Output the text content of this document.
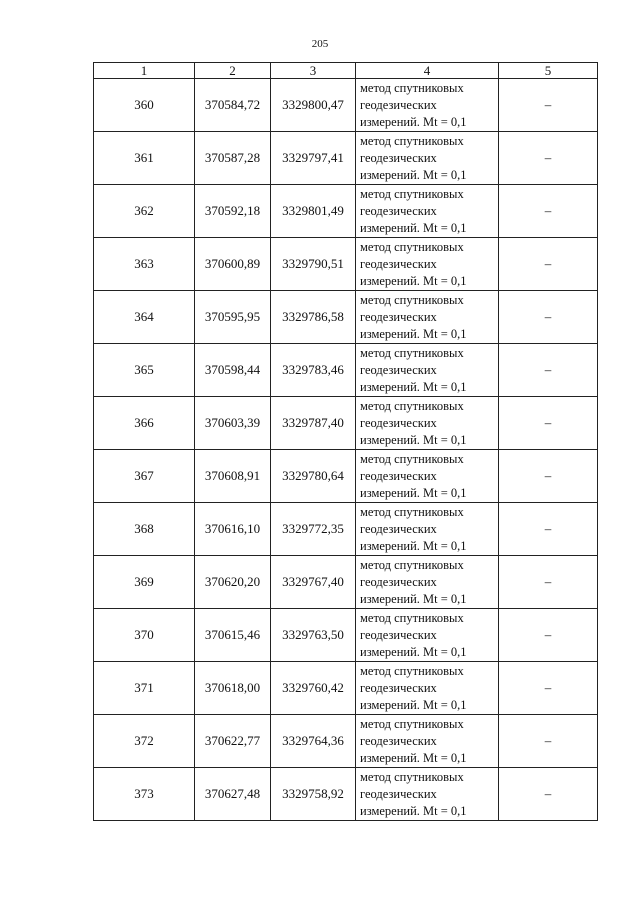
205
1	2	3	4	5
360	370584,72	3329800,47	метод спутниковых
геодезических
измерений. Mt = 0,1	–
361	370587,28	3329797,41	метод спутниковых
геодезических
измерений. Mt = 0,1	–
362	370592,18	3329801,49	метод спутниковых
геодезических
измерений. Mt = 0,1	–
363	370600,89	3329790,51	метод спутниковых
геодезических
измерений. Mt = 0,1	–
364	370595,95	3329786,58	метод спутниковых
геодезических
измерений. Mt = 0,1	–
365	370598,44	3329783,46	метод спутниковых
геодезических
измерений. Mt = 0,1	–
366	370603,39	3329787,40	метод спутниковых
геодезических
измерений. Mt = 0,1	–
367	370608,91	3329780,64	метод спутниковых
геодезических
измерений. Mt = 0,1	–
368	370616,10	3329772,35	метод спутниковых
геодезических
измерений. Mt = 0,1	–
369	370620,20	3329767,40	метод спутниковых
геодезических
измерений. Mt = 0,1	–
370	370615,46	3329763,50	метод спутниковых
геодезических
измерений. Mt = 0,1	–
371	370618,00	3329760,42	метод спутниковых
геодезических
измерений. Mt = 0,1	–
372	370622,77	3329764,36	метод спутниковых
геодезических
измерений. Mt = 0,1	–
373	370627,48	3329758,92	метод спутниковых
геодезических
измерений. Mt = 0,1	–
